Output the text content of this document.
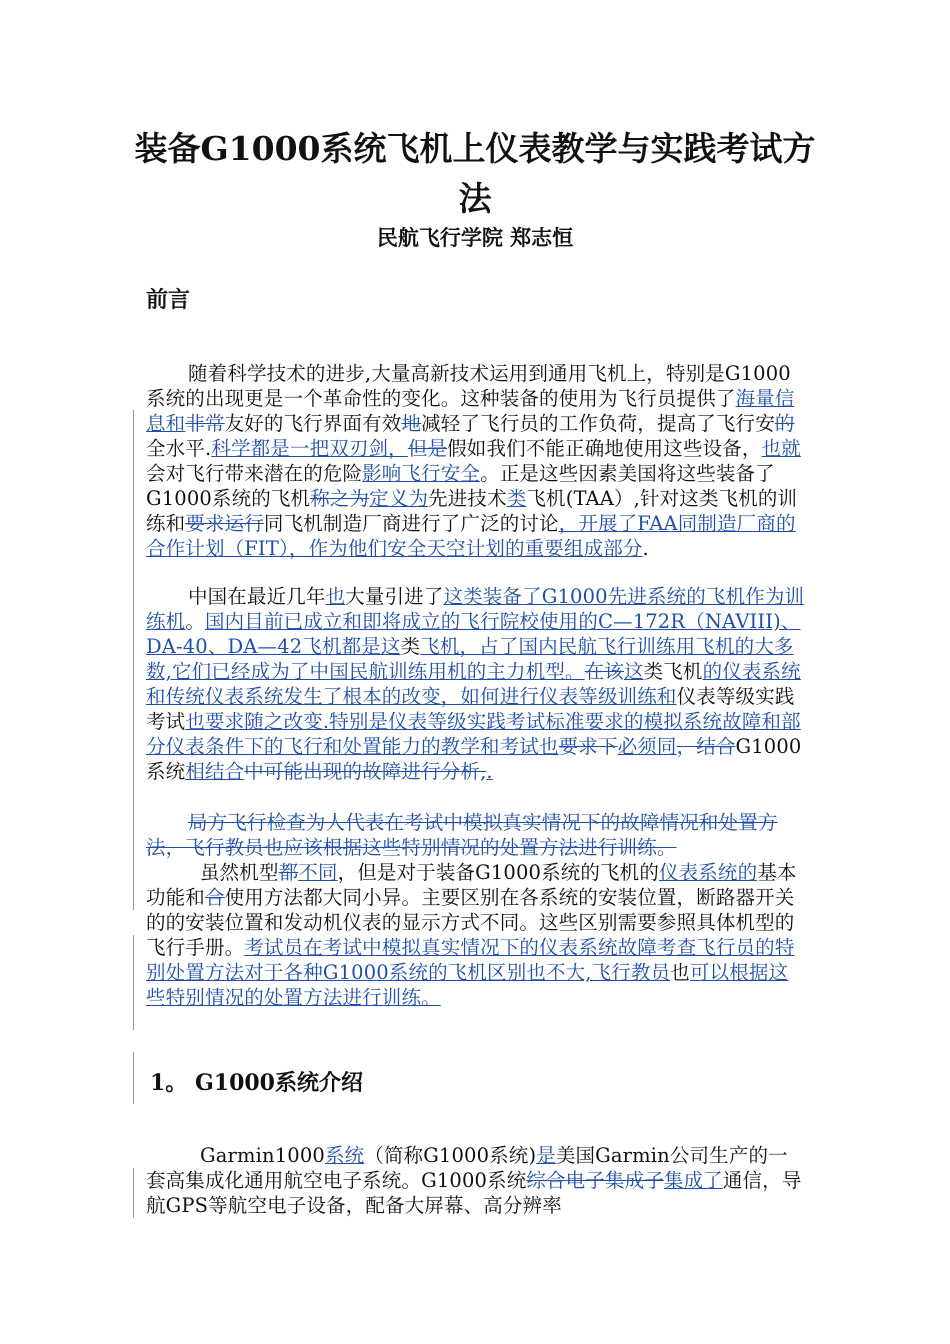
装备G1000系统飞机上仪表教学与实践考试方法
民航飞行学院 郑志恒
前言
随着科学技术的进步,大量高新技术运用到通用飞机上，特别是G1000系统的出现更是一个革命性的变化。这种装备的使用为飞行员提供了海量信息和非常友好的飞行界面有效地减轻了飞行员的工作负荷，提高了飞行安的全水平.科学都是一把双刃剑，但是假如我们不能正确地使用这些设备，也就会对飞行带来潜在的危险影响飞行安全。正是这些因素美国将这些装备了G1000系统的飞机称之为定义为先进技术类飞机(TAA）,针对这类飞机的训练和要求运行同飞机制造厂商进行了广泛的讨论，开展了FAA同制造厂商的合作计划（FIT），作为他们安全天空计划的重要组成部分.
中国在最近几年也大量引进了这类装备了G1000先进系统的飞机作为训练机。国内目前已成立和即将成立的飞行院校使用的C—172R（NAVIII)、DA-40、DA—42飞机都是这类飞机，占了国内民航飞行训练用飞机的大多数,它们已经成为了中国民航训练用机的主力机型。在该这类飞机的仪表系统和传统仪表系统发生了根本的改变，如何进行仪表等级训练和仪表等级实践考试也要求随之改变.特别是仪表等级实践考试标准要求的模拟系统故障和部分仪表条件下的飞行和处置能力的教学和考试也要求下必须同，结合G1000系统相结合中可能出现的故障进行分析,.
局方飞行检查为人代表在考试中模拟真实情况下的故障情况和处置方法，飞行教员也应该根据这些特别情况的处置方法进行训练。
虽然机型都不同，但是对于装备G1000系统的飞机的仪表系统的基本功能和合使用方法都大同小异。主要区别在各系统的安装位置，断路器开关的的安装位置和发动机仪表的显示方式不同。这些区别需要参照具体机型的飞行手册。考试员在考试中模拟真实情况下的仪表系统故障考查飞行员的特别处置方法对于各种G1000系统的飞机区别也不大,飞行教员也可以根据这些特别情况的处置方法进行训练。
1。 G1000系统介绍
Garmin1000系统（简称G1000系统)是美国Garmin公司生产的一套高集成化通用航空电子系统。G1000系统综合电子集成子集成了通信，导航GPS等航空电子设备，配备大屏幕、高分辨率
